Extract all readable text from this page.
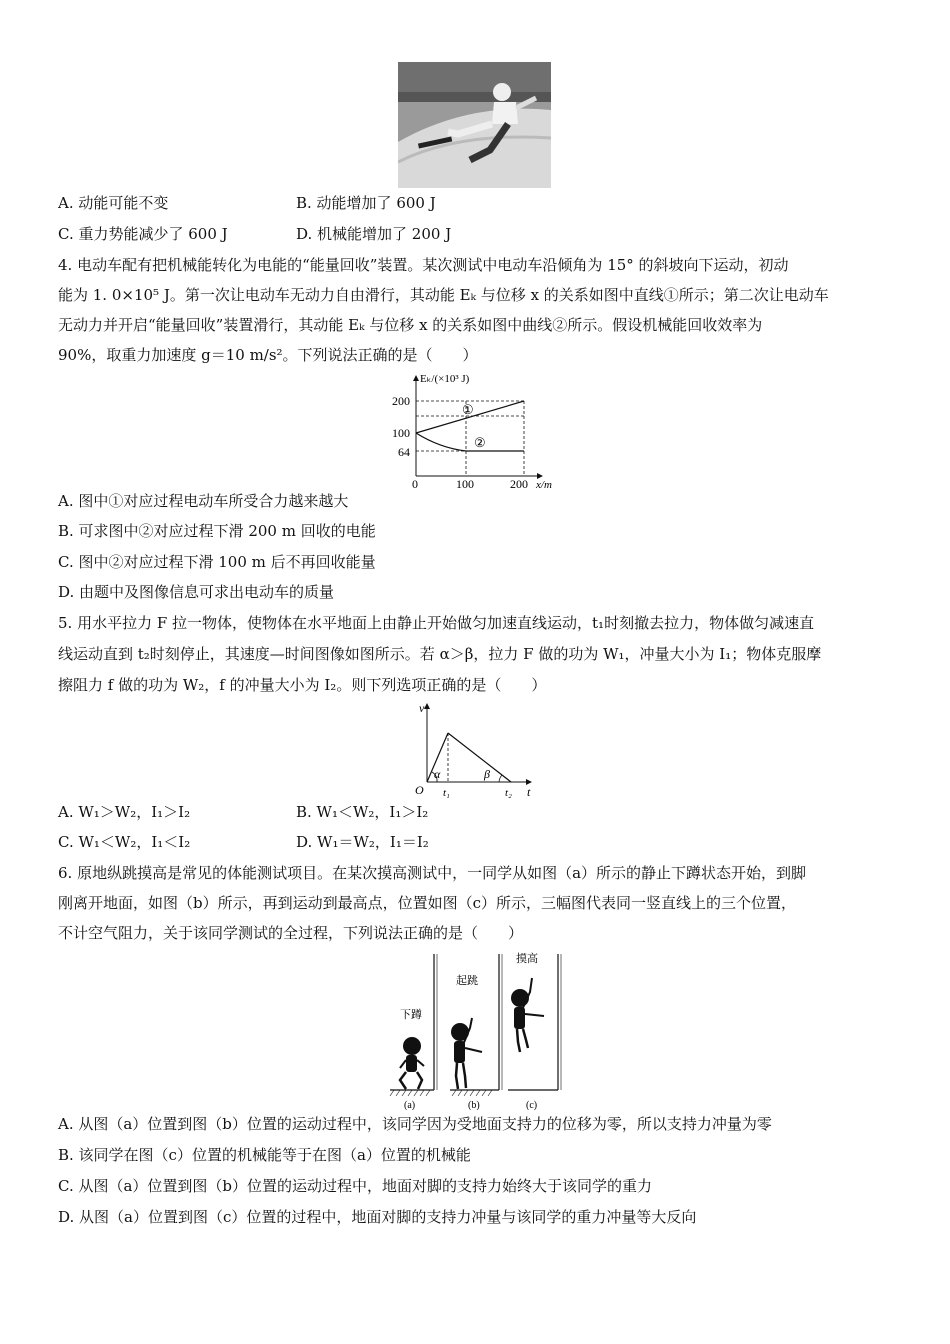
A. 动能可能不变	B. 动能增加了 600 J
C. 重力势能减少了 600 J	D. 机械能增加了 200 J
4. 电动车配有把机械能转化为电能的“能量回收”装置。某次测试中电动车沿倾角为 15° 的斜坡向下运动，初动
能为 1. 0×10⁵ J。第一次让电动车无动力自由滑行，其动能 Eₖ 与位移 x 的关系如图中直线①所示；第二次让电动车
无动力并开启“能量回收”装置滑行，其动能 Eₖ 与位移 x 的关系如图中曲线②所示。假设机械能回收效率为
90%，取重力加速度 g＝10 m/s²。下列说法正确的是（　　）
Eₖ/(×10³ J)
x/m
200
100
64
0	100	200
①
②
A. 图中①对应过程电动车所受合力越来越大
B. 可求图中②对应过程下滑 200 m 回收的电能
C. 图中②对应过程下滑 100 m 后不再回收能量
D. 由题中及图像信息可求出电动车的质量
5. 用水平拉力 F 拉一物体，使物体在水平地面上由静止开始做匀加速直线运动，t₁时刻撤去拉力，物体做匀减速直
线运动直到 t₂时刻停止，其速度—时间图像如图所示。若 α＞β，拉力 F 做的功为 W₁，冲量大小为 I₁；物体克服摩
擦阻力 f 做的功为 W₂，f 的冲量大小为 I₂。则下列选项正确的是（　　）
v
t
O t₁	t₂
α	β
A. W₁＞W₂，I₁＞I₂	B. W₁＜W₂，I₁＞I₂
C. W₁＜W₂，I₁＜I₂	D. W₁＝W₂，I₁＝I₂
6. 原地纵跳摸高是常见的体能测试项目。在某次摸高测试中，一同学从如图（a）所示的静止下蹲状态开始，到脚
刚离开地面，如图（b）所示，再到运动到最高点，位置如图（c）所示，三幅图代表同一竖直线上的三个位置，
不计空气阻力，关于该同学测试的全过程，下列说法正确的是（　　）
下蹲
起跳
摸高
(a)	(b)	(c)
A. 从图（a）位置到图（b）位置的运动过程中，该同学因为受地面支持力的位移为零，所以支持力冲量为零
B. 该同学在图（c）位置的机械能等于在图（a）位置的机械能
C. 从图（a）位置到图（b）位置的运动过程中，地面对脚的支持力始终大于该同学的重力
D. 从图（a）位置到图（c）位置的过程中，地面对脚的支持力冲量与该同学的重力冲量等大反向
